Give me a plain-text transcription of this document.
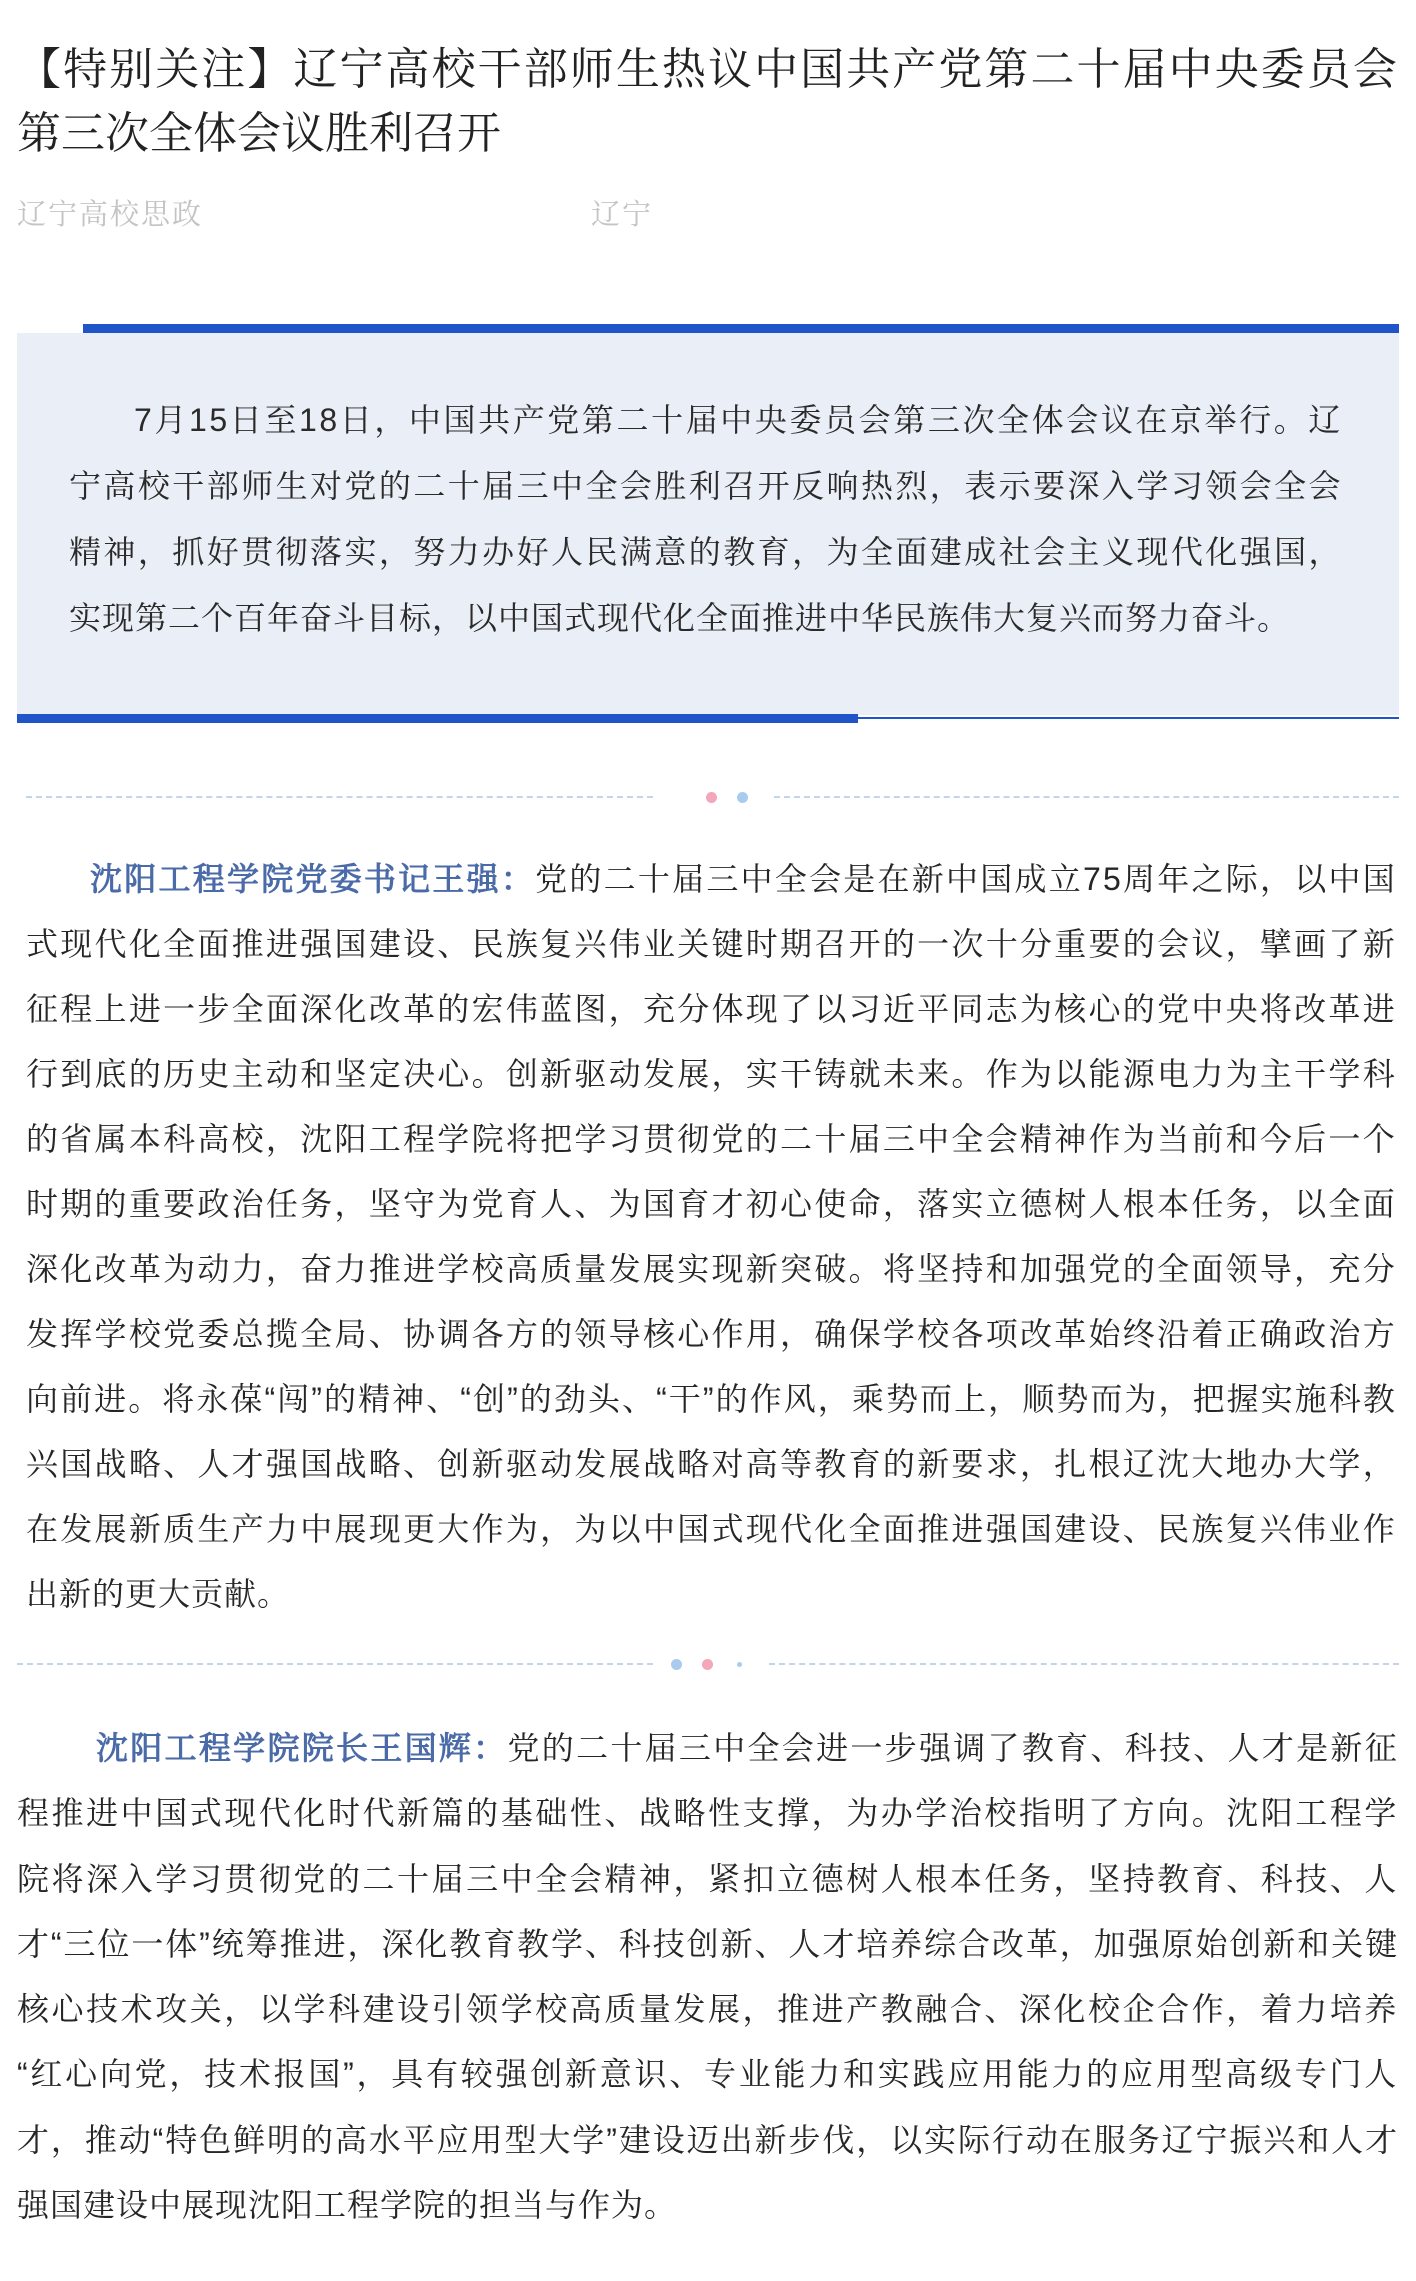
【特别关注】辽宁高校干部师生热议中国共产党第二十届中央委员会
第三次全体会议胜利召开
辽宁高校思政	辽宁
7月15日至18日，中国共产党第二十届中央委员会第三次全体会议在京举行。辽
宁高校干部师生对党的二十届三中全会胜利召开反响热烈，表示要深入学习领会全会
精神，抓好贯彻落实，努力办好人民满意的教育，为全面建成社会主义现代化强国，
实现第二个百年奋斗目标，以中国式现代化全面推进中华民族伟大复兴而努力奋斗。
沈阳工程学院党委书记王强：党的二十届三中全会是在新中国成立75周年之际，以中国
式现代化全面推进强国建设、民族复兴伟业关键时期召开的一次十分重要的会议，擘画了新
征程上进一步全面深化改革的宏伟蓝图，充分体现了以习近平同志为核心的党中央将改革进
行到底的历史主动和坚定决心。创新驱动发展，实干铸就未来。作为以能源电力为主干学科
的省属本科高校，沈阳工程学院将把学习贯彻党的二十届三中全会精神作为当前和今后一个
时期的重要政治任务，坚守为党育人、为国育才初心使命，落实立德树人根本任务，以全面
深化改革为动力，奋力推进学校高质量发展实现新突破。将坚持和加强党的全面领导，充分
发挥学校党委总揽全局、协调各方的领导核心作用，确保学校各项改革始终沿着正确政治方
向前进。将永葆“闯”的精神、“创”的劲头、“干”的作风，乘势而上，顺势而为，把握实施科教
兴国战略、人才强国战略、创新驱动发展战略对高等教育的新要求，扎根辽沈大地办大学，
在发展新质生产力中展现更大作为，为以中国式现代化全面推进强国建设、民族复兴伟业作
出新的更大贡献。
沈阳工程学院院长王国辉：党的二十届三中全会进一步强调了教育、科技、人才是新征
程推进中国式现代化时代新篇的基础性、战略性支撑，为办学治校指明了方向。沈阳工程学
院将深入学习贯彻党的二十届三中全会精神，紧扣立德树人根本任务，坚持教育、科技、人
才“三位一体”统筹推进，深化教育教学、科技创新、人才培养综合改革，加强原始创新和关键
核心技术攻关，以学科建设引领学校高质量发展，推进产教融合、深化校企合作，着力培养
“红心向党，技术报国”，具有较强创新意识、专业能力和实践应用能力的应用型高级专门人
才，推动“特色鲜明的高水平应用型大学”建设迈出新步伐，以实际行动在服务辽宁振兴和人才
强国建设中展现沈阳工程学院的担当与作为。
